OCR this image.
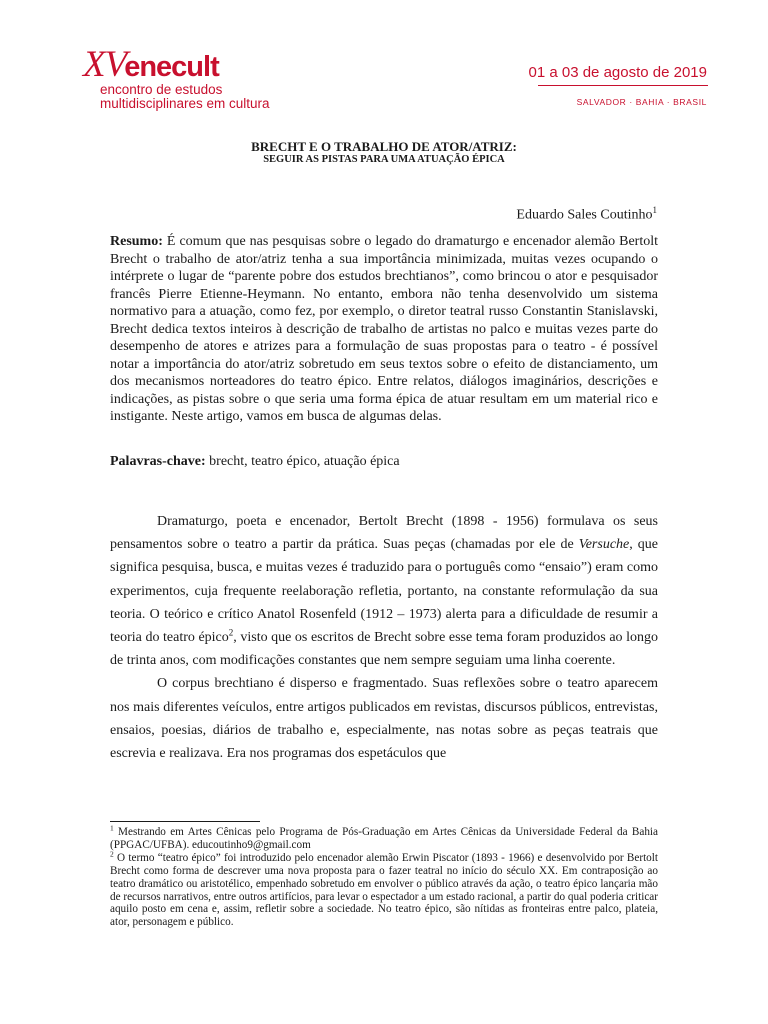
XVenecult
encontro de estudos
multidisciplinares em cultura
01 a 03 de agosto de 2019
SALVADOR · BAHIA · BRASIL
BRECHT E O TRABALHO DE ATOR/ATRIZ:
SEGUIR AS PISTAS PARA UMA ATUAÇÃO ÉPICA
Eduardo Sales Coutinho$^1$
Resumo: É comum que nas pesquisas sobre o legado do dramaturgo e encenador alemão Bertolt Brecht o trabalho de ator/atriz tenha a sua importância minimizada, muitas vezes ocupando o intérprete o lugar de “parente pobre dos estudos brechtianos”, como brincou o ator e pesquisador francês Pierre Etienne-Heymann. No entanto, embora não tenha desenvolvido um sistema normativo para a atuação, como fez, por exemplo, o diretor teatral russo Constantin Stanislavski, Brecht dedica textos inteiros à descrição de trabalho de artistas no palco e muitas vezes parte do desempenho de atores e atrizes para a formulação de suas propostas para o teatro - é possível notar a importância do ator/atriz sobretudo em seus textos sobre o efeito de distanciamento, um dos mecanismos norteadores do teatro épico. Entre relatos, diálogos imaginários, descrições e indicações, as pistas sobre o que seria uma forma épica de atuar resultam em um material rico e instigante. Neste artigo, vamos em busca de algumas delas.
Palavras-chave: brecht, teatro épico, atuação épica

Dramaturgo, poeta e encenador, Bertolt Brecht (1898 - 1956) formulava os seus pensamentos sobre o teatro a partir da prática. Suas peças (chamadas por ele de Versuche, que significa pesquisa, busca, e muitas vezes é traduzido para o português como “ensaio”) eram como experimentos, cuja frequente reelaboração refletia, portanto, na constante reformulação da sua teoria. O teórico e crítico Anatol Rosenfeld (1912 – 1973) alerta para a dificuldade de resumir a teoria do teatro épico$^2$, visto que os escritos de Brecht sobre esse tema foram produzidos ao longo de trinta anos, com modificações constantes que nem sempre seguiam uma linha coerente.

O corpus brechtiano é disperso e fragmentado. Suas reflexões sobre o teatro aparecem nos mais diferentes veículos, entre artigos publicados em revistas, discursos públicos, entrevistas, ensaios, poesias, diários de trabalho e, especialmente, nas notas sobre as peças teatrais que escrevia e realizava. Era nos programas dos espetáculos que

$^1$ Mestrando em Artes Cênicas pelo Programa de Pós-Graduação em Artes Cênicas da Universidade Federal da Bahia (PPGAC/UFBA). educoutinho9@gmail.com

$^2$ O termo “teatro épico” foi introduzido pelo encenador alemão Erwin Piscator (1893 - 1966) e desenvolvido por Bertolt Brecht como forma de descrever uma nova proposta para o fazer teatral no início do século XX. Em contraposição ao teatro dramático ou aristotélico, empenhado sobretudo em envolver o público através da ação, o teatro épico lançaria mão de recursos narrativos, entre outros artifícios, para levar o espectador a um estado racional, a partir do qual poderia criticar aquilo posto em cena e, assim, refletir sobre a sociedade. No teatro épico, são nítidas as fronteiras entre palco, plateia, ator, personagem e público.
